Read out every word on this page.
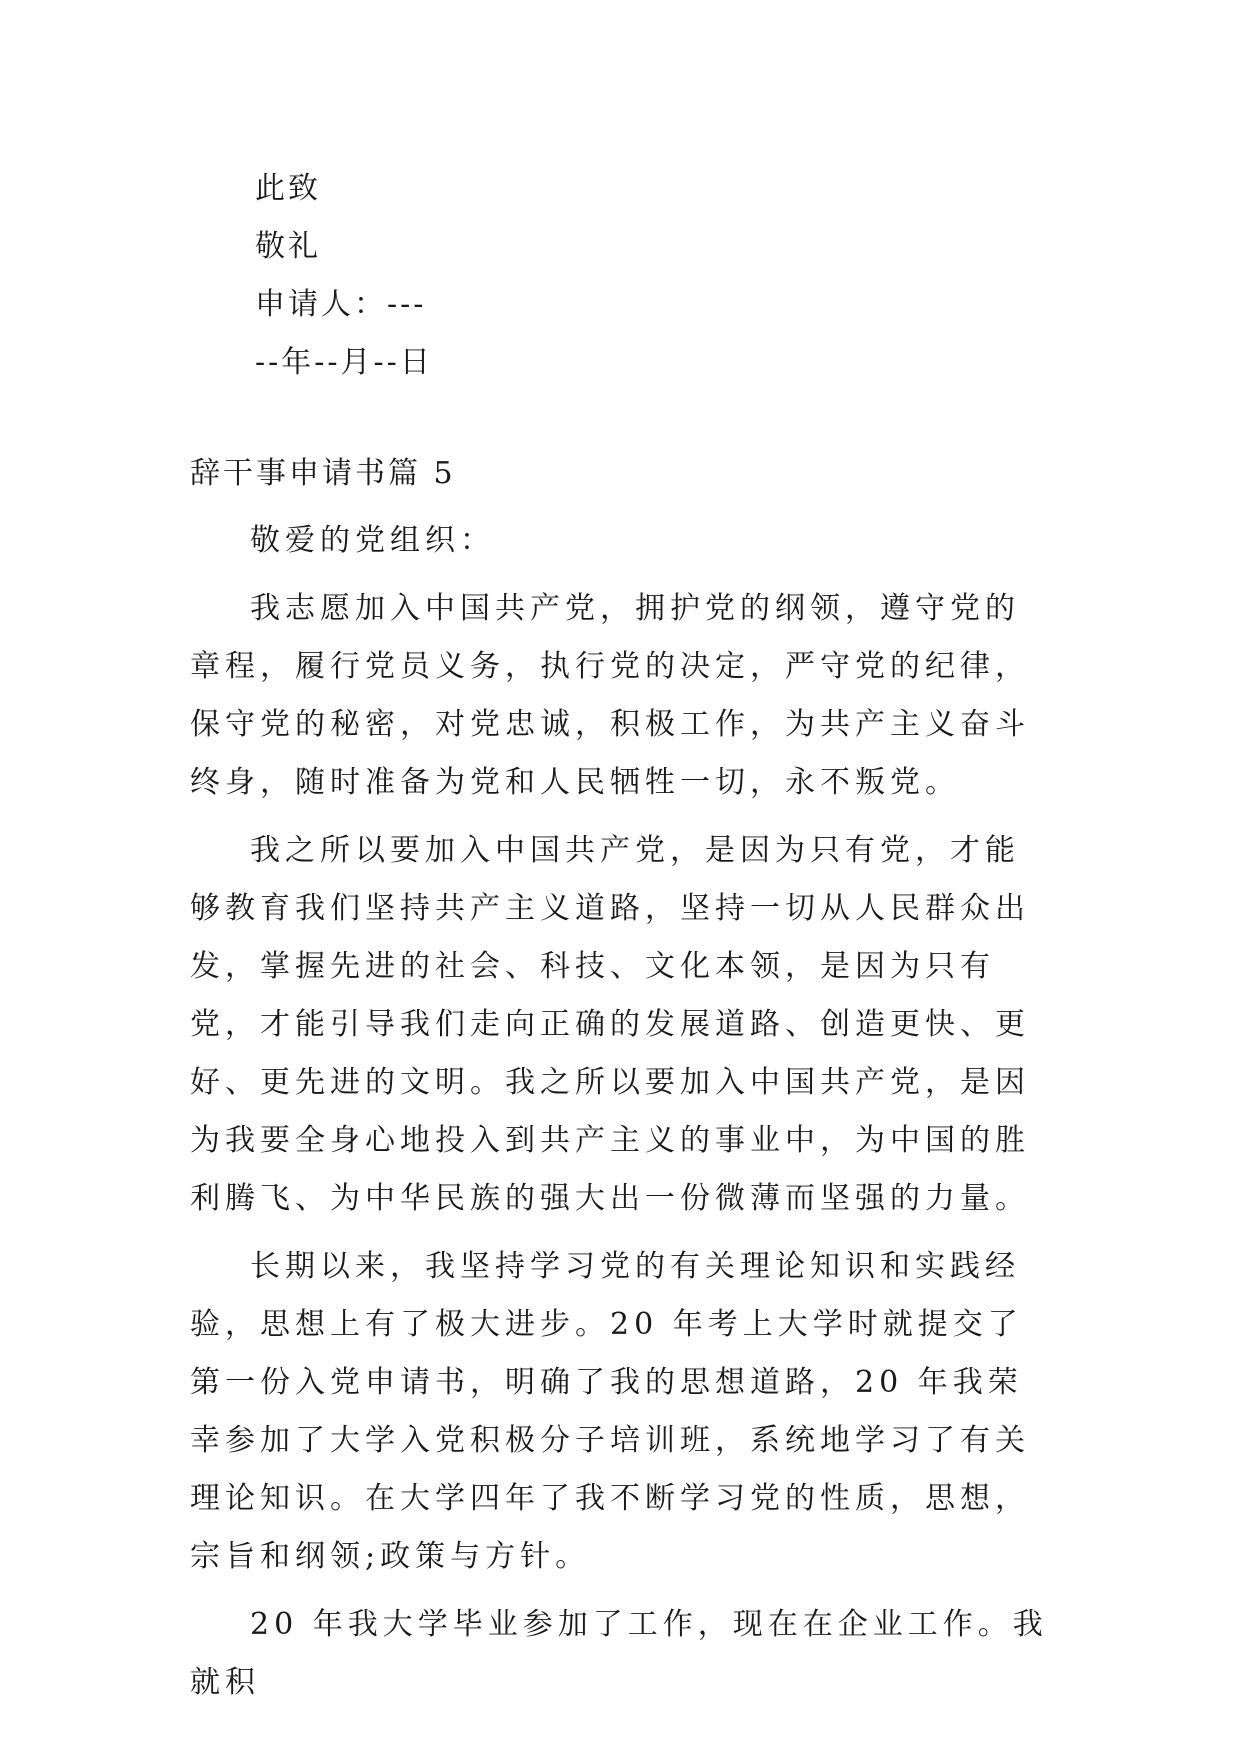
此致
敬礼
申请人：---
--年--月--日
辞干事申请书篇 5

敬爱的党组织：

我志愿加入中国共产党，拥护党的纲领，遵守党的章程，履行党员义务，执行党的决定，严守党的纪律，保守党的秘密，对党忠诚，积极工作，为共产主义奋斗终身，随时准备为党和人民牺牲一切，永不叛党。

我之所以要加入中国共产党，是因为只有党，才能够教育我们坚持共产主义道路，坚持一切从人民群众出发，掌握先进的社会、科技、文化本领，是因为只有党，才能引导我们走向正确的发展道路、创造更快、更好、更先进的文明。我之所以要加入中国共产党，是因为我要全身心地投入到共产主义的事业中，为中国的胜利腾飞、为中华民族的强大出一份微薄而坚强的力量。

长期以来，我坚持学习党的有关理论知识和实践经验，思想上有了极大进步。20 年考上大学时就提交了第一份入党申请书，明确了我的思想道路，20 年我荣幸参加了大学入党积极分子培训班，系统地学习了有关理论知识。在大学四年了我不断学习党的性质，思想，宗旨和纲领;政策与方针。

20 年我大学毕业参加了工作，现在在企业工作。我就积
